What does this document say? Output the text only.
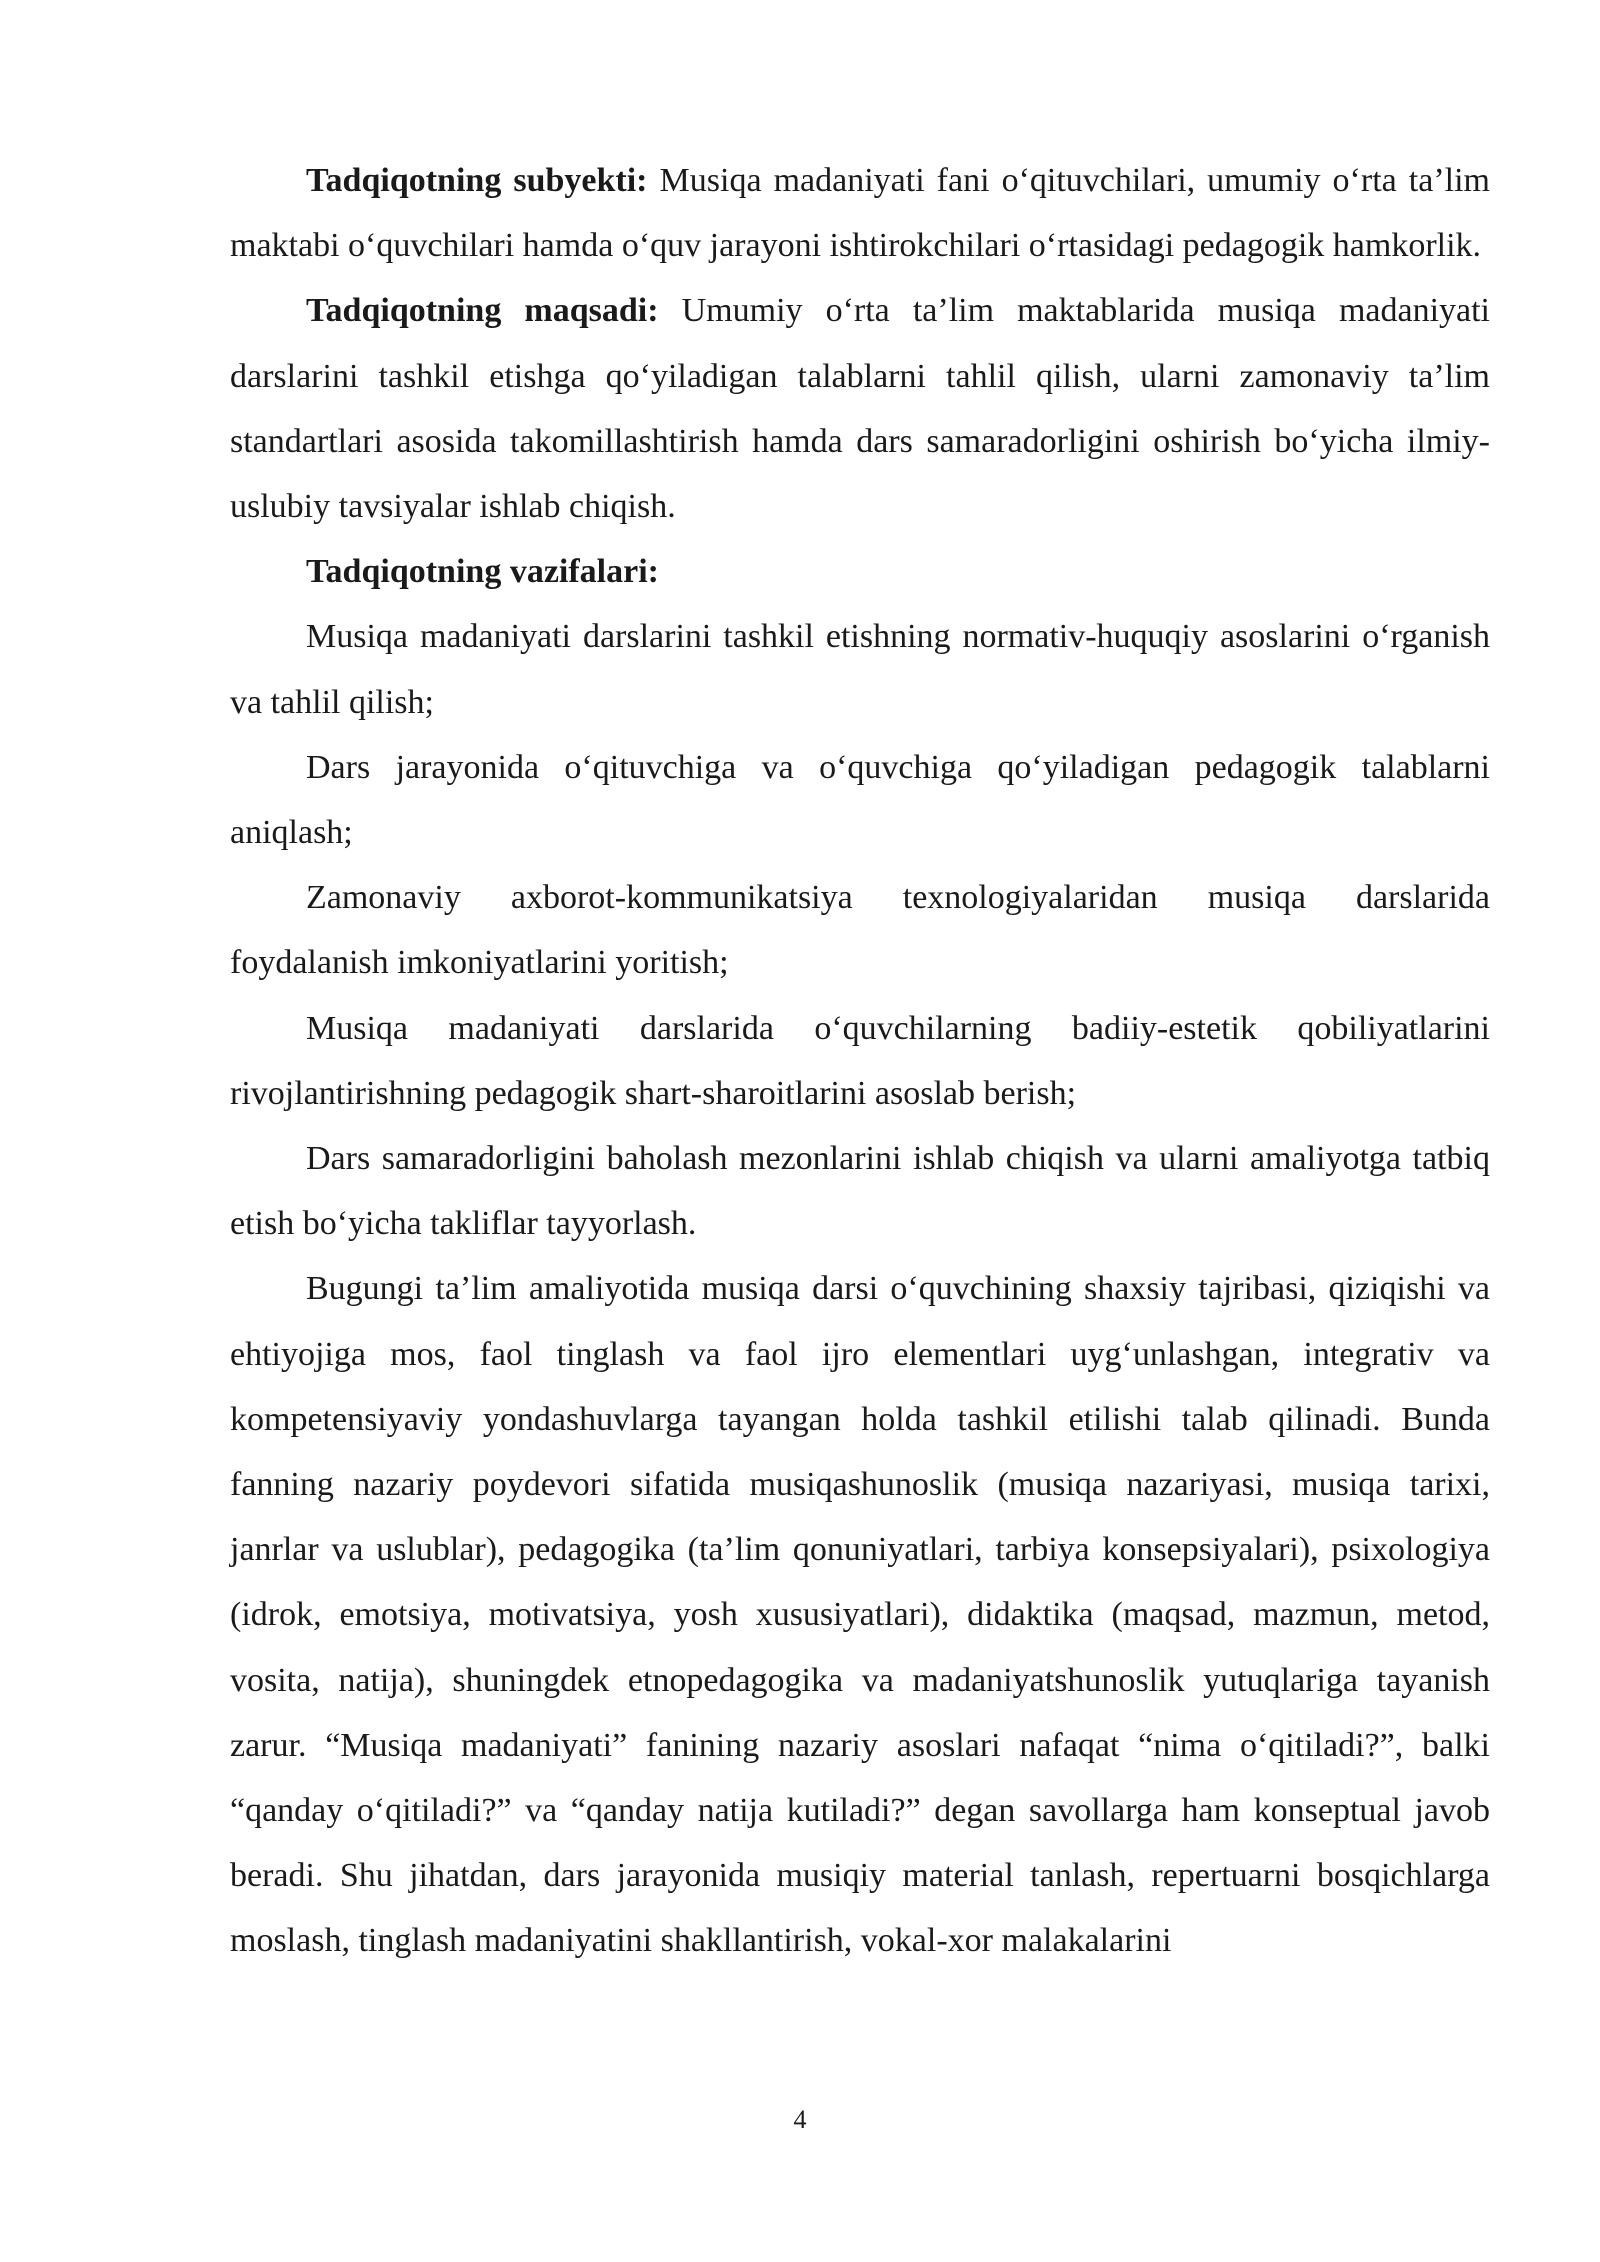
Tadqiqotning subyekti: Musiqa madaniyati fani o‘qituvchilari, umumiy o‘rta ta’lim maktabi o‘quvchilari hamda o‘quv jarayoni ishtirokchilari o‘rtasidagi pedagogik hamkorlik.

Tadqiqotning maqsadi: Umumiy o‘rta ta’lim maktablarida musiqa madaniyati darslarini tashkil etishga qo‘yiladigan talablarni tahlil qilish, ularni zamonaviy ta’lim standartlari asosida takomillashtirish hamda dars samaradorligini oshirish bo‘yicha ilmiy-uslubiy tavsiyalar ishlab chiqish.

Tadqiqotning vazifalari:

Musiqa madaniyati darslarini tashkil etishning normativ-huquqiy asoslarini o‘rganish va tahlil qilish;

Dars jarayonida o‘qituvchiga va o‘quvchiga qo‘yiladigan pedagogik talablarni aniqlash;

Zamonaviy axborot-kommunikatsiya texnologiyalaridan musiqa darslarida foydalanish imkoniyatlarini yoritish;

Musiqa madaniyati darslarida o‘quvchilarning badiiy-estetik qobiliyatlarini rivojlantirishning pedagogik shart-sharoitlarini asoslab berish;

Dars samaradorligini baholash mezonlarini ishlab chiqish va ularni amaliyotga tatbiq etish bo‘yicha takliflar tayyorlash.

Bugungi ta’lim amaliyotida musiqa darsi o‘quvchining shaxsiy tajribasi, qiziqishi va ehtiyojiga mos, faol tinglash va faol ijro elementlari uyg‘unlashgan, integrativ va kompetensiyaviy yondashuvlarga tayangan holda tashkil etilishi talab qilinadi. Bunda fanning nazariy poydevori sifatida musiqashunoslik (musiqa nazariyasi, musiqa tarixi, janrlar va uslublar), pedagogika (ta’lim qonuniyatlari, tarbiya konsepsiyalari), psixologiya (idrok, emotsiya, motivatsiya, yosh xususiyatlari), didaktika (maqsad, mazmun, metod, vosita, natija), shuningdek etnopedagogika va madaniyatshunoslik yutuqlariga tayanish zarur. “Musiqa madaniyati” fanining nazariy asoslari nafaqat “nima o‘qitiladi?”, balki “qanday o‘qitiladi?” va “qanday natija kutiladi?” degan savollarga ham konseptual javob beradi. Shu jihatdan, dars jarayonida musiqiy material tanlash, repertuarni bosqichlarga moslash, tinglash madaniyatini shakllantirish, vokal-xor malakalarini

4
